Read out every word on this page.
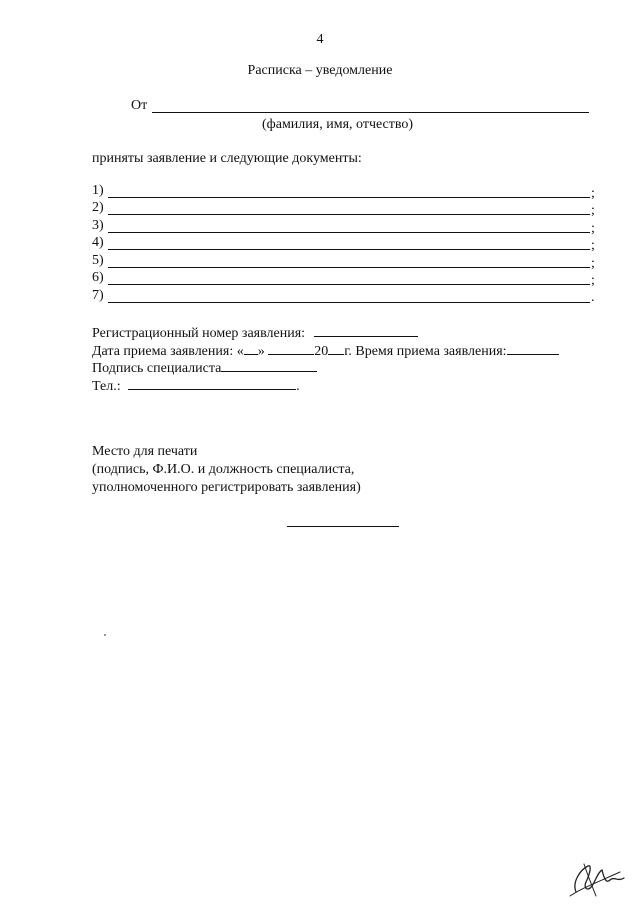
4
Расписка – уведомление
От
(фамилия, имя, отчество)
приняты заявление и следующие документы:
1)	;
2)	;
3)	;
4)	;
5)	;
6)	;
7)	.
Регистрационный номер заявления:
Дата приема заявления: « »	20 г. Время приема заявления:
Подпись специалиста
Тел.:	.
Место для печати
(подпись, Ф.И.О. и должность специалиста,
уполномоченного регистрировать заявления)
